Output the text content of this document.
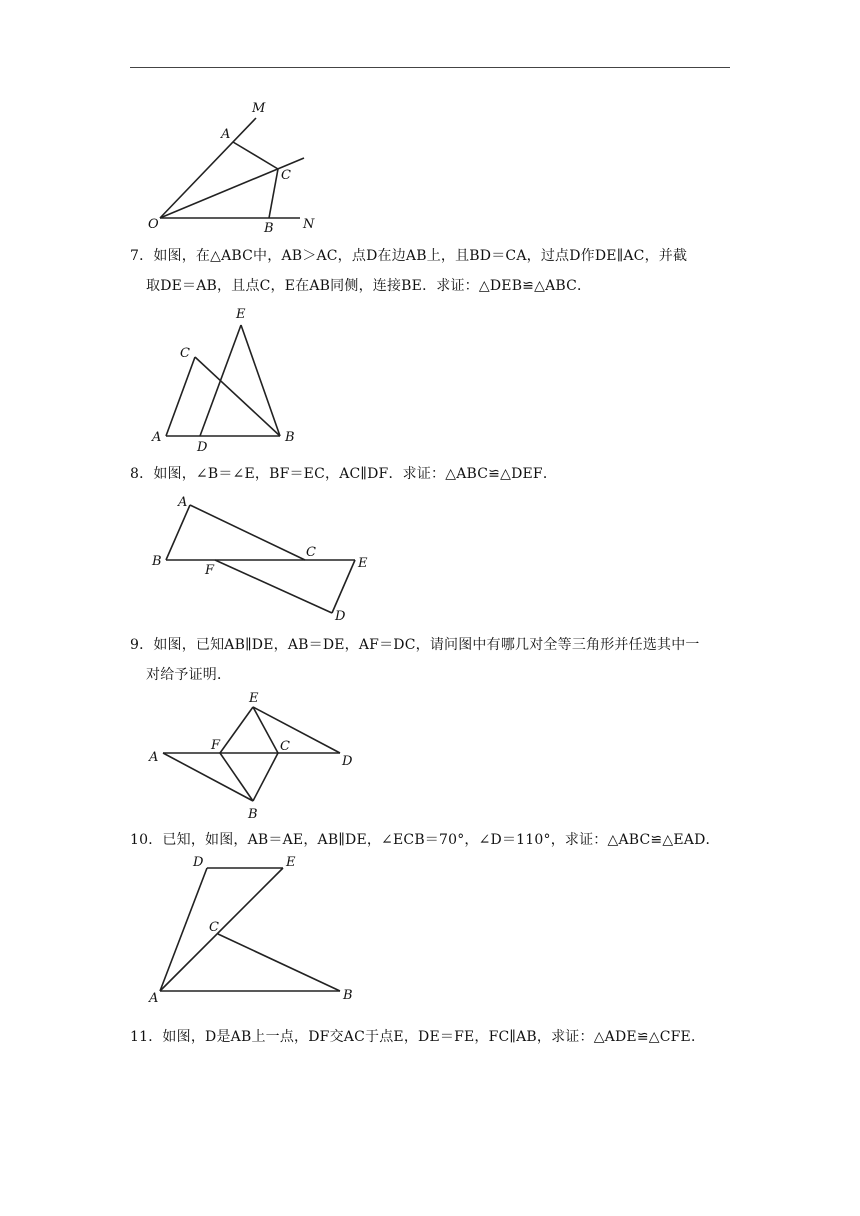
M
A
C
O	B N
7．如图，在△ABC中，AB＞AC，点D在边AB上，且BD＝CA，过点D作DE∥AC，并截
取DE＝AB，且点C，E在AB同侧，连接BE．求证：△DEB≌△ABC．
E
C
A
D
B
8．如图，∠B＝∠E，BF＝EC，AC∥DF．求证：△ABC≌△DEF．
A
C
B	E
F
D
9．如图，已知AB∥DE，AB＝DE，AF＝DC，请问图中有哪几对全等三角形并任选其中一
对给予证明．
E
A
F	C
D
B
10．已知，如图，AB＝AE，AB∥DE，∠ECB＝70°，∠D＝110°，求证：△ABC≌△EAD．
D	E
C
A	B
11．如图，D是AB上一点，DF交AC于点E，DE＝FE，FC∥AB，求证：△ADE≌△CFE．
